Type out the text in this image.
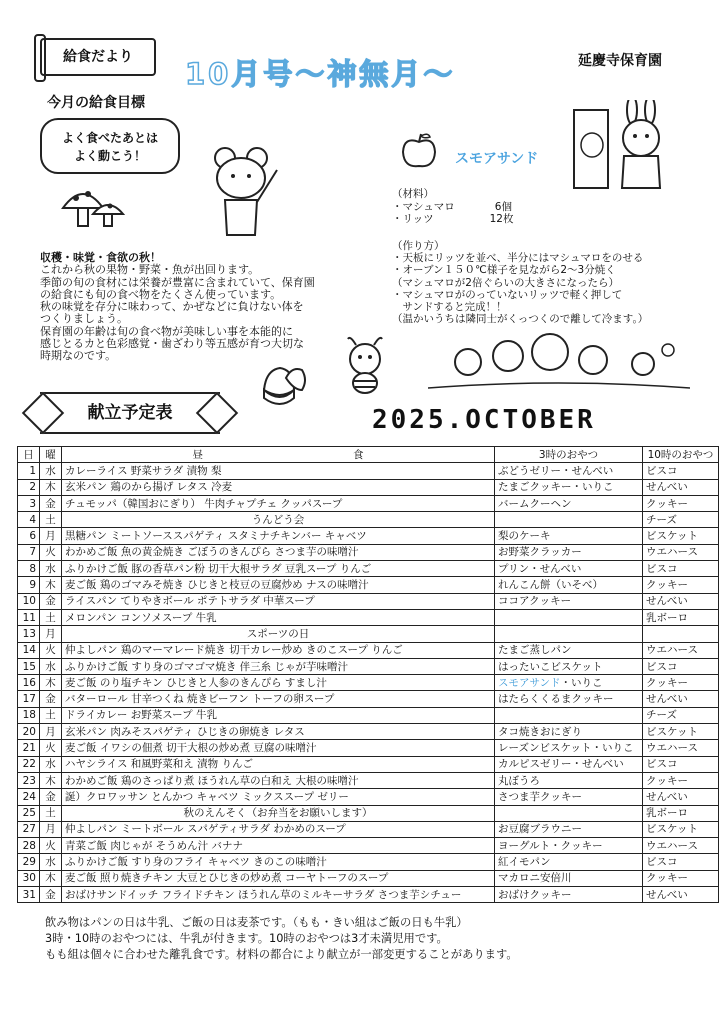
給食だより	10月号～神無月～	延慶寺保育園
今月の給食目標
よく食べたあとは
よく動こう！	スモアサンド
（材料）
・マシュマロ	6個
・リッツ	12枚
（作り方）
・天板にリッツを並べ、半分にはマシュマロをのせる
・オーブン１５０℃様子を見ながら2～3分焼く
（マシュマロが2倍ぐらいの大きさになったら）
・マシュマロがのっていないリッツで軽く押して
　サンドすると完成！！
（温かいうちは隣同士がくっつくので離して冷ます。）
収穫・味覚・食欲の秋！
これから秋の果物・野菜・魚が出回ります。
季節の旬の食材には栄養が豊富に含まれていて、保育園
の給食にも旬の食べ物をたくさん使っています。
秋の味覚を存分に味わって、かぜなどに負けない体を
つくりましょう。
保育園の年齢は旬の食べ物が美味しい事を本能的に
感じとるカと色彩感覚・歯ざわり等五感が育つ大切な
時期なのです。
献立予定表	2025.OCTOBER
日	曜	昼 食	3時のおやつ	10時のおやつ
1	水	カレーライス 野菜サラダ 漬物 梨	ぶどうゼリー・せんべい	ビスコ
2	木	玄米パン 鶏のから揚げ レタス 冷麦	たまごクッキー・いりこ	せんべい
3	金	チュモッパ（韓国おにぎり） 牛肉チャプチェ クッパスープ	バームクーヘン	クッキー
4	土	うんどう会		チーズ
6	月	黒糖パン ミートソーススパゲティ スタミナチキンバー キャベツ	梨のケーキ	ビスケット
7	火	わかめご飯 魚の黄金焼き ごぼうのきんぴら さつま芋の味噌汁	お野菜クラッカー	ウエハース
8	水	ふりかけご飯 豚の香草パン粉 切干大根サラダ 豆乳スープ りんご	プリン・せんべい	ビスコ
9	木	麦ご飯 鶏のゴマみそ焼き ひじきと枝豆の豆腐炒め ナスの味噌汁	れんこん餅（いそべ）	クッキー
10	金	ライスパン てりやきボール ポテトサラダ 中華スープ	ココアクッキー	せんべい
11	土	メロンパン コンソメスープ 牛乳		乳ボーロ
13	月	スポーツの日		
14	火	仲よしパン 鶏のマーマレード焼き 切干カレー炒め きのこスープ りんご	たまご蒸しパン	ウエハース
15	水	ふりかけご飯 すり身のゴマゴマ焼き 伴三糸 じゃが芋味噌汁	はったいこビスケット	ビスコ
16	木	麦ご飯 のり塩チキン ひじきと人参のきんぴら すまし汁	スモアサンド・いりこ	クッキー
17	金	バターロール 甘辛つくね 焼きビーフン トーフの卵スープ	はたらくくるまクッキー	せんべい
18	土	ドライカレー お野菜スープ 牛乳		チーズ
20	月	玄米パン 肉みそスパゲティ ひじきの卵焼き レタス	タコ焼きおにぎり	ビスケット
21	火	麦ご飯 イワシの佃煮 切干大根の炒め煮 豆腐の味噌汁	レーズンビスケット・いりこ	ウエハース
22	水	ハヤシライス 和風野菜和え 漬物 りんご	カルピスゼリー・せんべい	ビスコ
23	木	わかめご飯 鶏のさっぱり煮 ほうれん草の白和え 大根の味噌汁	丸ぼうろ	クッキー
24	金	誕）クロワッサン とんかつ キャベツ ミックススープ ゼリー	さつま芋クッキー	せんべい
25	土	秋のえんそく（お弁当をお願いします）		乳ボーロ
27	月	仲よしパン ミートボール スパゲティサラダ わかめのスープ	お豆腐ブラウニー	ビスケット
28	火	青菜ご飯 肉じゃが そうめん汁 バナナ	ヨーグルト・クッキー	ウエハース
29	水	ふりかけご飯 すり身のフライ キャベツ きのこの味噌汁	紅イモパン	ビスコ
30	木	麦ご飯 照り焼きチキン 大豆とひじきの炒め煮 コーヤトーフのスープ	マカロニ安倍川	クッキー
31	金	おばけサンドイッチ フライドチキン ほうれん草のミルキーサラダ さつま芋シチュー	おばけクッキー	せんべい
飲み物はパンの日は牛乳、ご飯の日は麦茶です。（もも・きい組はご飯の日も牛乳）
3時・10時のおやつには、牛乳が付きます。10時のおやつは3才未満児用です。
もも組は個々に合わせた離乳食です。材料の都合により献立が一部変更することがあります。
